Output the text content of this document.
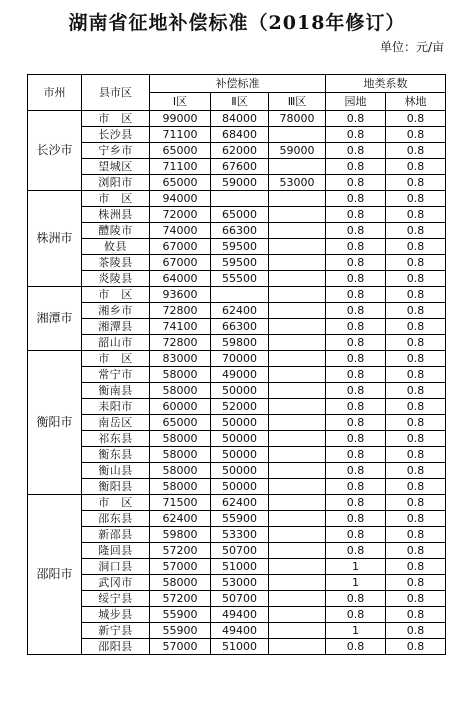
湖南省征地补偿标准（2018年修订）
单位：元/亩
市州	县市区	补偿标准			地类系数	
		Ⅰ区	Ⅱ区	Ⅲ区	园地	林地
长沙市	市　区	99000	84000	78000	0.8	0.8
	长沙县	71100	68400		0.8	0.8
	宁乡市	65000	62000	59000	0.8	0.8
	望城区	71100	67600		0.8	0.8
	浏阳市	65000	59000	53000	0.8	0.8
株洲市	市　区	94000			0.8	0.8
	株洲县	72000	65000		0.8	0.8
	醴陵市	74000	66300		0.8	0.8
	攸县	67000	59500		0.8	0.8
	茶陵县	67000	59500		0.8	0.8
	炎陵县	64000	55500		0.8	0.8
湘潭市	市　区	93600			0.8	0.8
	湘乡市	72800	62400		0.8	0.8
	湘潭县	74100	66300		0.8	0.8
	韶山市	72800	59800		0.8	0.8
衡阳市	市　区	83000	70000		0.8	0.8
	常宁市	58000	49000		0.8	0.8
	衡南县	58000	50000		0.8	0.8
	耒阳市	60000	52000		0.8	0.8
	南岳区	65000	50000		0.8	0.8
	祁东县	58000	50000		0.8	0.8
	衡东县	58000	50000		0.8	0.8
	衡山县	58000	50000		0.8	0.8
	衡阳县	58000	50000		0.8	0.8
邵阳市	市　区	71500	62400		0.8	0.8
	邵东县	62400	55900		0.8	0.8
	新邵县	59800	53300		0.8	0.8
	隆回县	57200	50700		0.8	0.8
	洞口县	57000	51000		1	0.8
	武冈市	58000	53000		1	0.8
	绥宁县	57200	50700		0.8	0.8
	城步县	55900	49400		0.8	0.8
	新宁县	55900	49400		1	0.8
	邵阳县	57000	51000		0.8	0.8
